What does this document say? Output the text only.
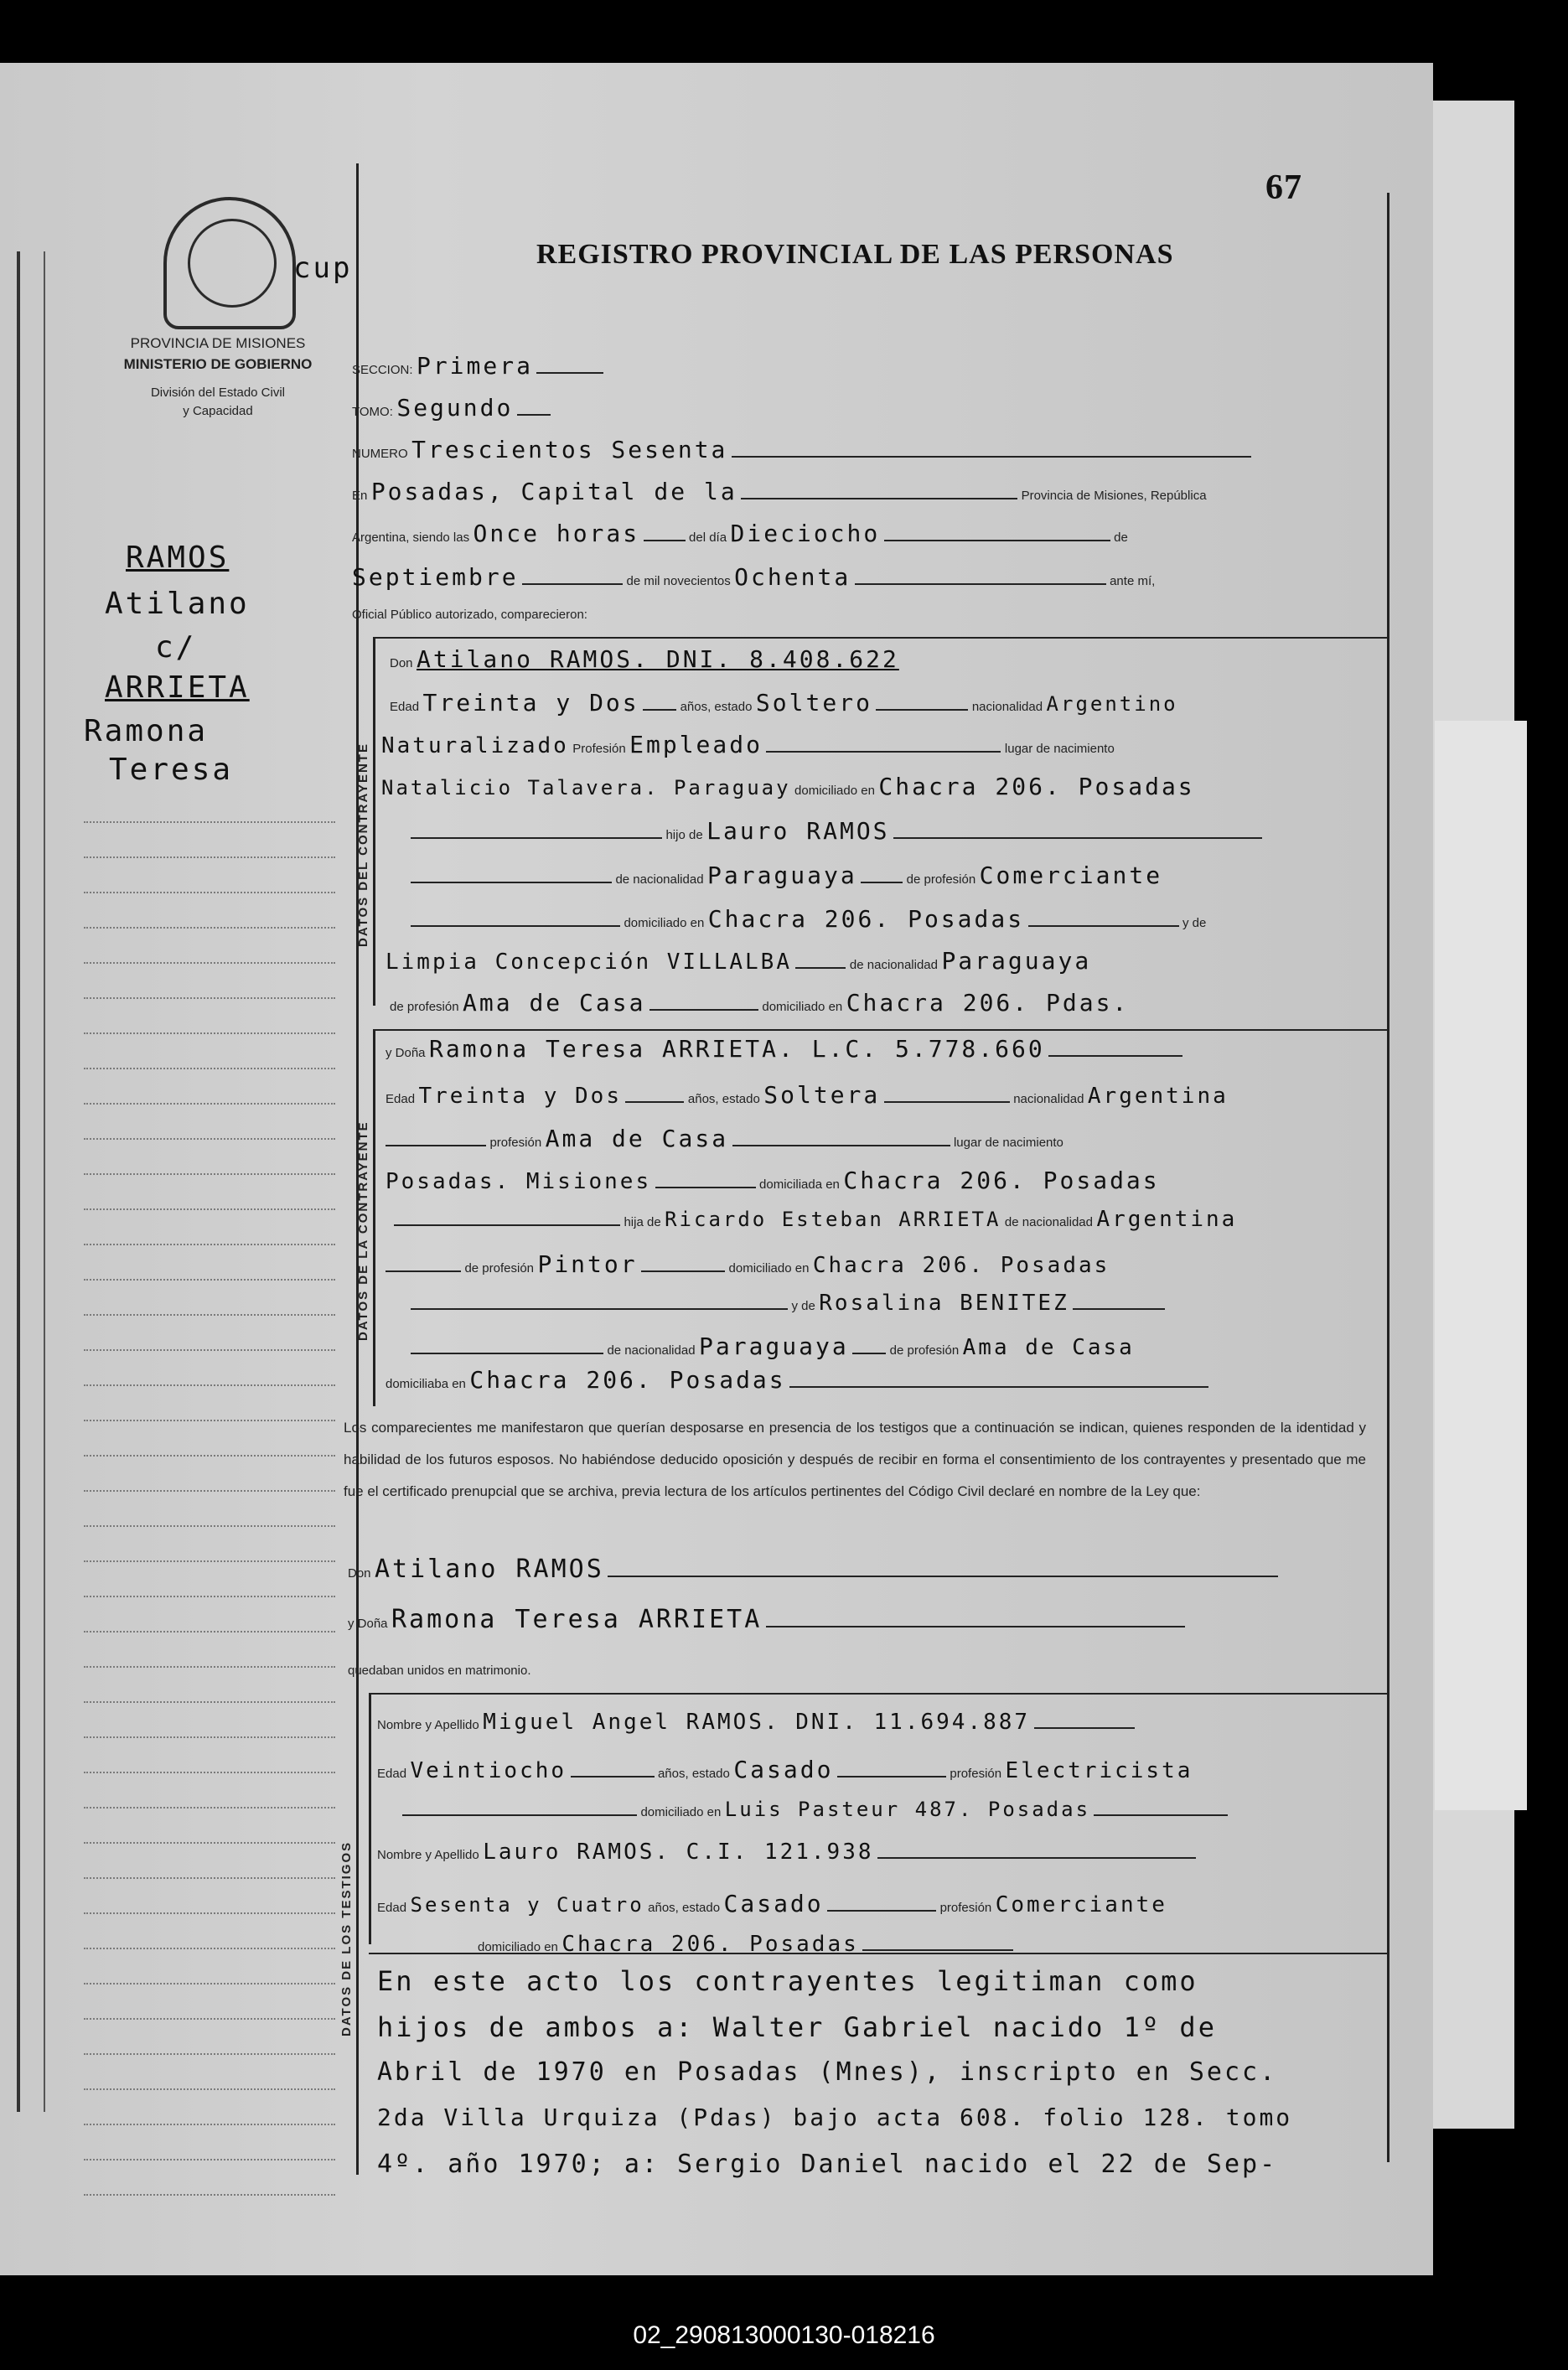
67
cup
PROVINCIA DE MISIONES
MINISTERIO DE GOBIERNO
División del Estado Civil
y Capacidad
REGISTRO PROVINCIAL DE LAS PERSONAS
RAMOS
Atilano
c/
ARRIETA
Ramona
Teresa
SECCION: Primera
TOMO: Segundo
NUMERO Trescientos Sesenta
En Posadas, Capital de la	Provincia de Misiones, República
Argentina, siendo las Once horas	del día Dieciocho	de
Septiembre	de mil novecientos Ochenta	ante mí,
Oficial Público autorizado, comparecieron:
DATOS DEL CONTRAYENTE
Don Atilano RAMOS. DNI. 8.408.622
Edad Treinta y Dos	años, estado Soltero	nacionalidad Argentino
Naturalizado Profesión Empleado	lugar de nacimiento
Natalicio Talavera. Paraguay domiciliado en Chacra 206. Posadas
hijo de Lauro RAMOS
de nacionalidad Paraguaya	de profesión Comerciante
domiciliado en Chacra 206. Posadas	y de
Limpia Concepción VILLALBA	de nacionalidad Paraguaya
de profesión Ama de Casa	domiciliado en Chacra 206. Pdas.
DATOS DE LA CONTRAYENTE
y Doña Ramona Teresa ARRIETA. L.C. 5.778.660
Edad Treinta y Dos	años, estado Soltera	nacionalidad Argentina
profesión Ama de Casa	lugar de nacimiento
Posadas. Misiones	domiciliada en Chacra 206. Posadas
hija de Ricardo Esteban ARRIETA de nacionalidad Argentina
de profesión Pintor	domiciliado en Chacra 206. Posadas
y de Rosalina BENITEZ
de nacionalidad Paraguaya	de profesión Ama de Casa
domiciliaba en Chacra 206. Posadas
Los comparecientes me manifestaron que querían desposarse en presencia de los testigos que a continuación se indican, quienes responden de la identidad y habilidad de los futuros esposos. No habiéndose deducido oposición y después de recibir en forma el consentimiento de los contrayentes y presentado que me fue el certificado prenupcial que se archiva, previa lectura de los artículos pertinentes del Código Civil declaré en nombre de la Ley que:
Don Atilano RAMOS
y Doña Ramona Teresa ARRIETA
quedaban unidos en matrimonio.
DATOS DE LOS TESTIGOS
Nombre y Apellido Miguel Angel RAMOS. DNI. 11.694.887
Edad Veintiocho	años, estado Casado	profesión Electricista
domiciliado en Luis Pasteur 487. Posadas
Nombre y Apellido Lauro RAMOS. C.I. 121.938
Edad Sesenta y Cuatro años, estado Casado	profesión Comerciante
domiciliado en Chacra 206. Posadas
En este acto los contrayentes legitiman como
hijos de ambos a: Walter Gabriel nacido 1º de
Abril de 1970 en Posadas (Mnes), inscripto en Secc.
2da Villa Urquiza (Pdas) bajo acta 608. folio 128. tomo
4º. año 1970; a: Sergio Daniel nacido el 22 de Sep-
02_290813000130-018216
